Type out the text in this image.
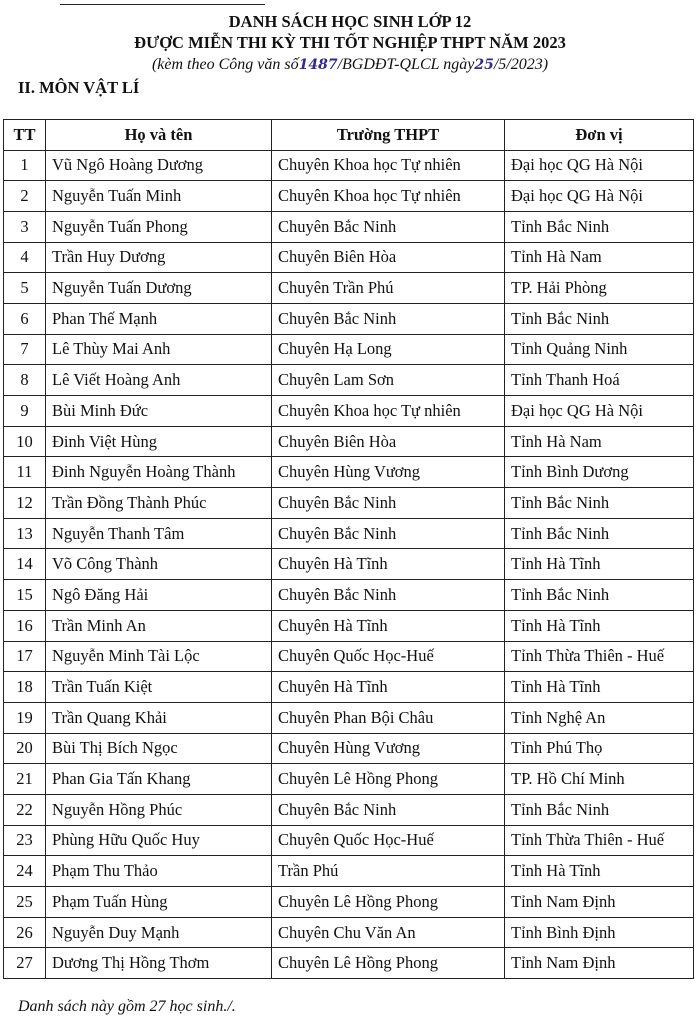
DANH SÁCH HỌC SINH LỚP 12
ĐƯỢC MIỄN THI KỲ THI TỐT NGHIỆP THPT NĂM 2023
(kèm theo Công văn số1487/BGDĐT-QLCL ngày25/5/2023)
II. MÔN VẬT LÍ
TT	Họ và tên	Trường THPT	Đơn vị
1	Vũ Ngô Hoàng Dương	Chuyên Khoa học Tự nhiên	Đại học QG Hà Nội
2	Nguyễn Tuấn Minh	Chuyên Khoa học Tự nhiên	Đại học QG Hà Nội
3	Nguyễn Tuấn Phong	Chuyên Bắc Ninh	Tỉnh Bắc Ninh
4	Trần Huy Dương	Chuyên Biên Hòa	Tỉnh Hà Nam
5	Nguyễn Tuấn Dương	Chuyên Trần Phú	TP. Hải Phòng
6	Phan Thế Mạnh	Chuyên Bắc Ninh	Tỉnh Bắc Ninh
7	Lê Thùy Mai Anh	Chuyên Hạ Long	Tỉnh Quảng Ninh
8	Lê Viết Hoàng Anh	Chuyên Lam Sơn	Tỉnh Thanh Hoá
9	Bùi Minh Đức	Chuyên Khoa học Tự nhiên	Đại học QG Hà Nội
10	Đinh Việt Hùng	Chuyên Biên Hòa	Tỉnh Hà Nam
11	Đinh Nguyễn Hoàng Thành	Chuyên Hùng Vương	Tỉnh Bình Dương
12	Trần Đồng Thành Phúc	Chuyên Bắc Ninh	Tỉnh Bắc Ninh
13	Nguyễn Thanh Tâm	Chuyên Bắc Ninh	Tỉnh Bắc Ninh
14	Võ Công Thành	Chuyên Hà Tĩnh	Tỉnh Hà Tĩnh
15	Ngô Đăng Hải	Chuyên Bắc Ninh	Tỉnh Bắc Ninh
16	Trần Minh An	Chuyên Hà Tĩnh	Tỉnh Hà Tĩnh
17	Nguyễn Minh Tài Lộc	Chuyên Quốc Học-Huế	Tỉnh Thừa Thiên - Huế
18	Trần Tuấn Kiệt	Chuyên Hà Tĩnh	Tỉnh Hà Tĩnh
19	Trần Quang Khải	Chuyên Phan Bội Châu	Tỉnh Nghệ An
20	Bùi Thị Bích Ngọc	Chuyên Hùng Vương	Tỉnh Phú Thọ
21	Phan Gia Tấn Khang	Chuyên Lê Hồng Phong	TP. Hồ Chí Minh
22	Nguyễn Hồng Phúc	Chuyên Bắc Ninh	Tỉnh Bắc Ninh
23	Phùng Hữu Quốc Huy	Chuyên Quốc Học-Huế	Tỉnh Thừa Thiên - Huế
24	Phạm Thu Thảo	Trần Phú	Tỉnh Hà Tĩnh
25	Phạm Tuấn Hùng	Chuyên Lê Hồng Phong	Tỉnh Nam Định
26	Nguyễn Duy Mạnh	Chuyên Chu Văn An	Tỉnh Bình Định
27	Dương Thị Hồng Thơm	Chuyên Lê Hồng Phong	Tỉnh Nam Định
Danh sách này gồm 27 học sinh./.
